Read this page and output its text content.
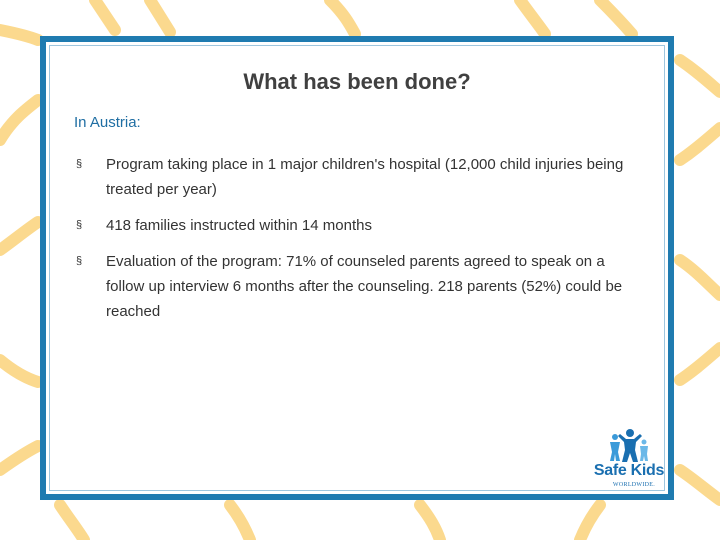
What has been done?
In Austria:
§ Program taking place in 1 major children's hospital (12,000 child injuries being treated per year)
§ 418 families instructed within 14 months
§ Evaluation of the program: 71% of counseled parents agreed to speak on a follow up interview 6 months after the counseling. 218 parents (52%) could be reached
Safe Kids
WORLDWIDE.
